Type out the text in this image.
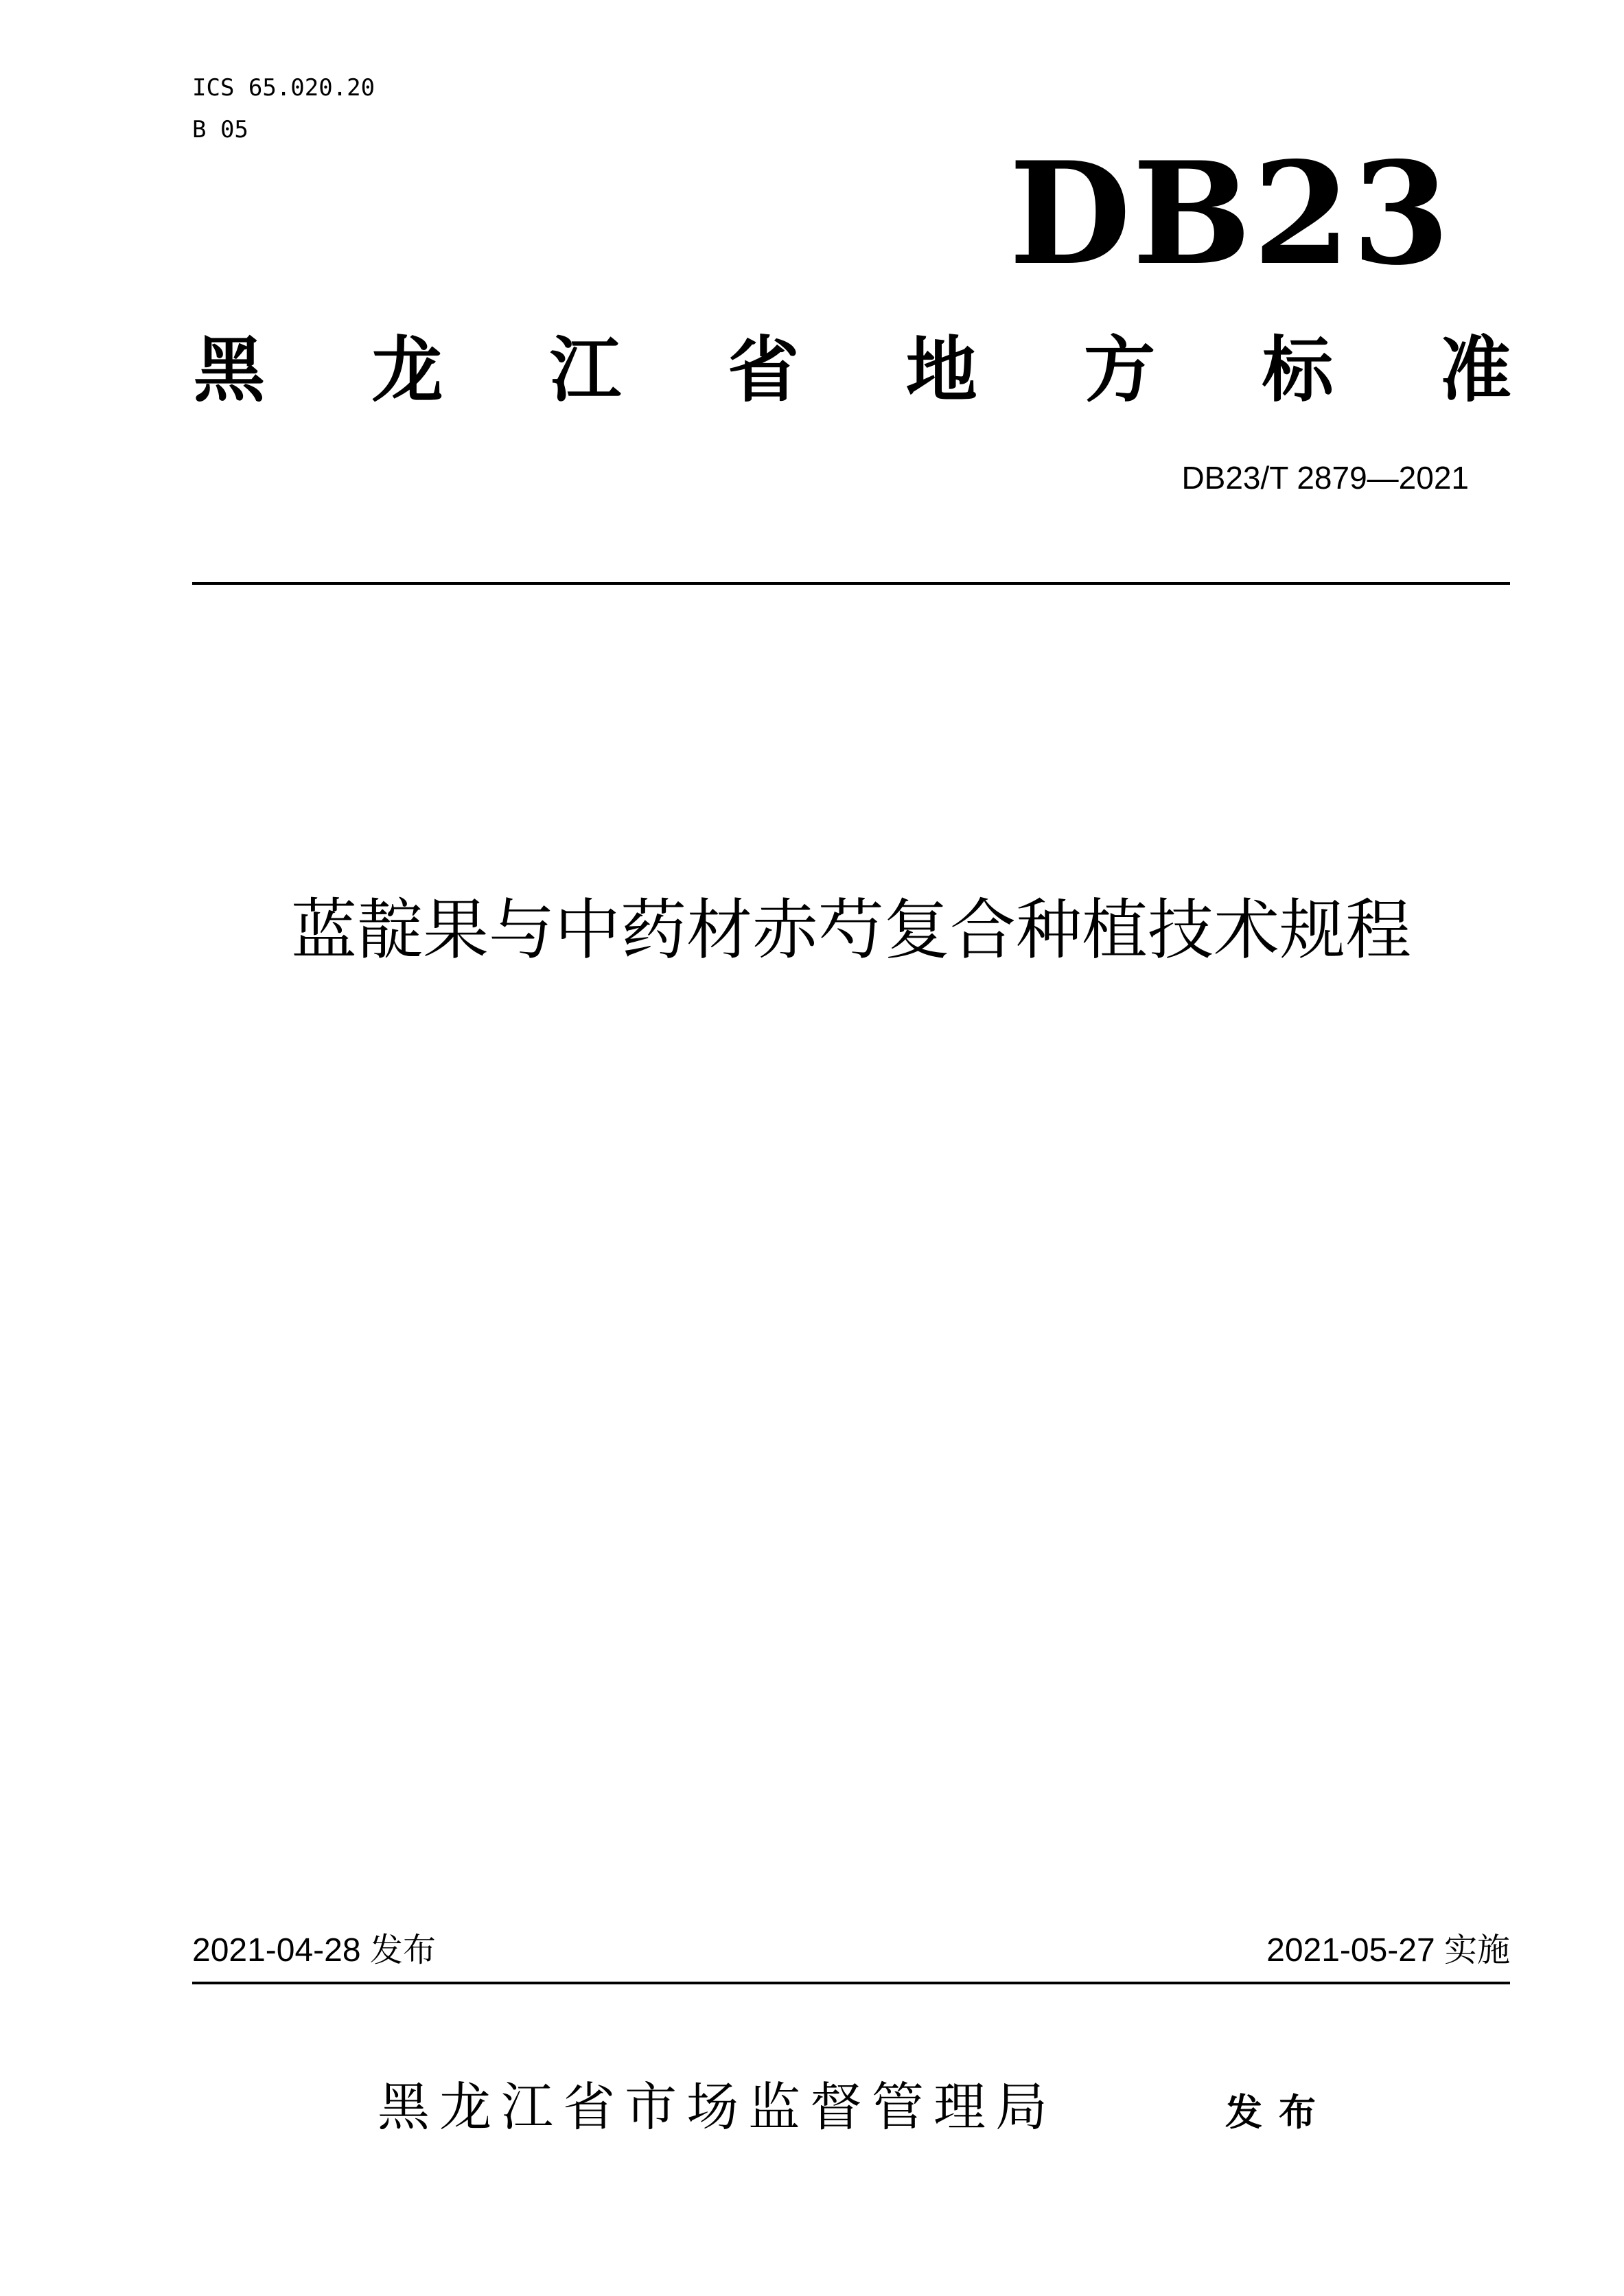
ICS 65.020.20
B 05
DB23
黑 龙 江 省 地 方 标 准
DB23/T 2879—2021
蓝靛果与中药材赤芍复合种植技术规程
2021-04-28 发布	2021-05-27 实施
黑龙江省市场监督管理局	发布
